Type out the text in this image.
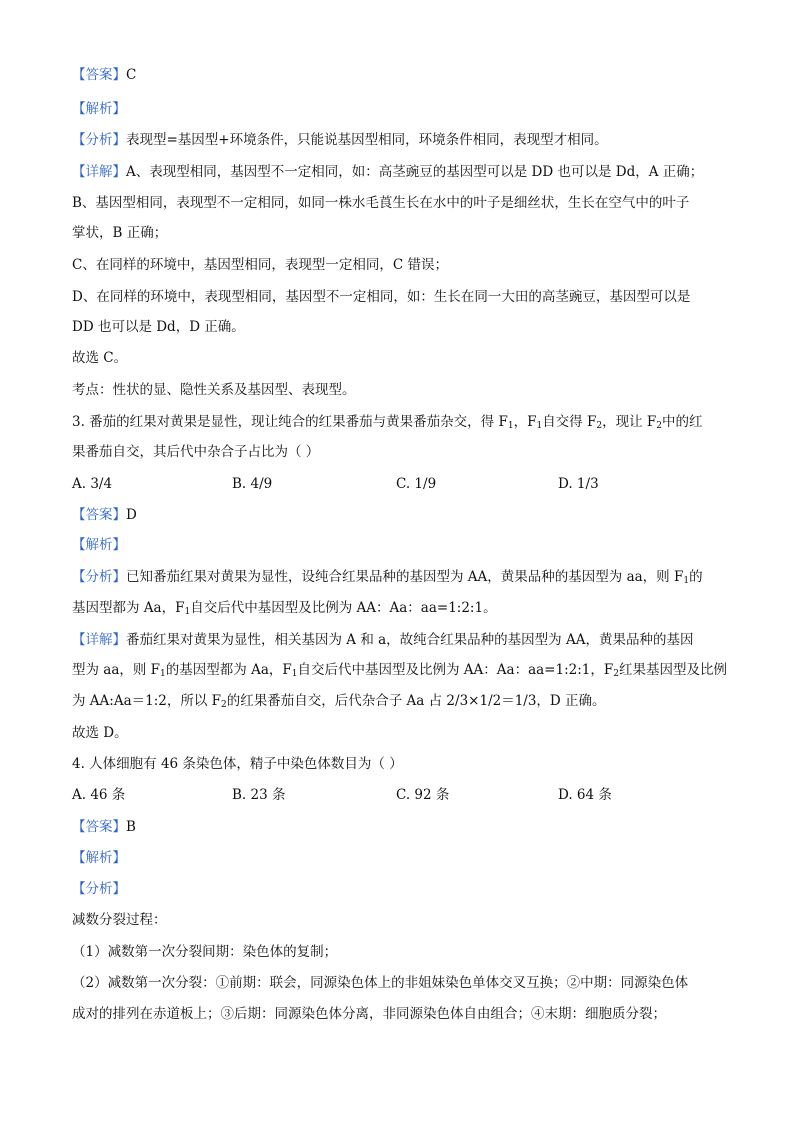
【答案】C
【解析】
【分析】表现型=基因型+环境条件，只能说基因型相同，环境条件相同，表现型才相同。
【详解】A、表现型相同，基因型不一定相同，如：高茎豌豆的基因型可以是 DD 也可以是 Dd，A 正确；
B、基因型相同，表现型不一定相同，如同一株水毛莨生长在水中的叶子是细丝状，生长在空气中的叶子
掌状，B 正确；
C、在同样的环境中，基因型相同，表现型一定相同，C 错误；
D、在同样的环境中，表现型相同，基因型不一定相同，如：生长在同一大田的高茎豌豆，基因型可以是
DD 也可以是 Dd，D 正确。
故选 C。
考点：性状的显、隐性关系及基因型、表现型。
3. 番茄的红果对黄果是显性，现让纯合的红果番茄与黄果番茄杂交，得 $F_1$，$F_1$自交得 $F_2$，现让 $F_2$中的红
果番茄自交，其后代中杂合子占比为（ ）
A. 3/4	B. 4/9	C. 1/9	D. 1/3
【答案】D
【解析】
【分析】已知番茄红果对黄果为显性，设纯合红果品种的基因型为 AA，黄果品种的基因型为 aa，则 $F_1$的
基因型都为 Aa，$F_1$自交后代中基因型及比例为 AA：Aa：aa=1:2:1。
【详解】番茄红果对黄果为显性，相关基因为 A 和 a，故纯合红果品种的基因型为 AA，黄果品种的基因
型为 aa，则 $F_1$的基因型都为 Aa，$F_1$自交后代中基因型及比例为 AA：Aa：aa=1:2:1，$F_2$红果基因型及比例
为 AA:Aa＝1:2，所以 $F_2$的红果番茄自交，后代杂合子 Aa 占 2/3×1/2＝1/3，D 正确。
故选 D。
4. 人体细胞有 46 条染色体，精子中染色体数目为（ ）
A. 46 条	B. 23 条	C. 92 条	D. 64 条
【答案】B
【解析】
【分析】
减数分裂过程：
（1）减数第一次分裂间期：染色体的复制；
（2）减数第一次分裂：①前期：联会，同源染色体上的非姐妹染色单体交叉互换；②中期：同源染色体
成对的排列在赤道板上；③后期：同源染色体分离，非同源染色体自由组合；④末期：细胞质分裂；
